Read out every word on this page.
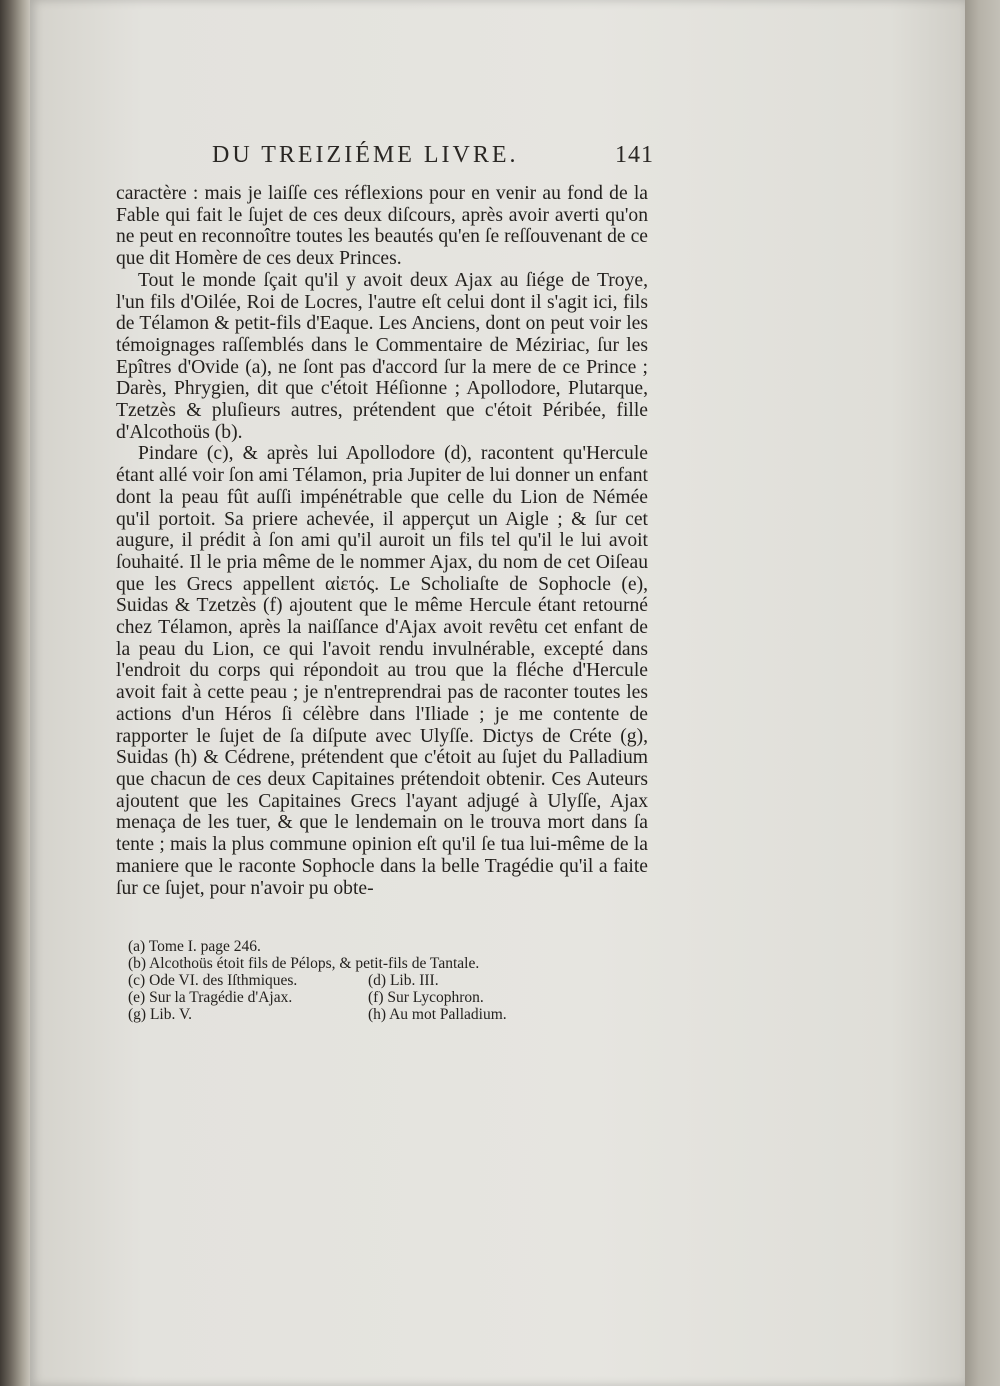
DU TREIZIÉME LIVRE.	141

caractère : mais je laiſſe ces réflexions pour en venir au fond de la Fable qui fait le ſujet de ces deux diſcours, après avoir averti qu'on ne peut en reconnoître toutes les beautés qu'en ſe reſſouvenant de ce que dit Homère de ces deux Princes.

Tout le monde ſçait qu'il y avoit deux Ajax au ſiége de Troye, l'un fils d'Oilée, Roi de Locres, l'autre eſt celui dont il s'agit ici, fils de Télamon & petit-fils d'Eaque. Les Anciens, dont on peut voir les témoignages raſſemblés dans le Commentaire de Méziriac, ſur les Epîtres d'Ovide (a), ne ſont pas d'accord ſur la mere de ce Prince ; Darès, Phrygien, dit que c'étoit Héſionne ; Apollodore, Plutarque, Tzetzès & pluſieurs autres, prétendent que c'étoit Péribée, fille d'Alcothoüs (b).

Pindare (c), & après lui Apollodore (d), racontent qu'Hercule étant allé voir ſon ami Télamon, pria Jupiter de lui donner un enfant dont la peau fût auſſi impénétrable que celle du Lion de Némée qu'il portoit. Sa priere achevée, il apperçut un Aigle ; & ſur cet augure, il prédit à ſon ami qu'il auroit un fils tel qu'il le lui avoit ſouhaité. Il le pria même de le nommer Ajax, du nom de cet Oiſeau que les Grecs appellent αἰετός. Le Scholiaſte de Sophocle (e), Suidas & Tzetzès (f) ajoutent que le même Hercule étant retourné chez Télamon, après la naiſſance d'Ajax avoit revêtu cet enfant de la peau du Lion, ce qui l'avoit rendu invulnérable, excepté dans l'endroit du corps qui répondoit au trou que la fléche d'Hercule avoit fait à cette peau ; je n'entreprendrai pas de raconter toutes les actions d'un Héros ſi célèbre dans l'Iliade ; je me contente de rapporter le ſujet de ſa diſpute avec Ulyſſe. Dictys de Créte (g), Suidas (h) & Cédrene, prétendent que c'étoit au ſujet du Palladium que chacun de ces deux Capitaines prétendoit obtenir. Ces Auteurs ajoutent que les Capitaines Grecs l'ayant adjugé à Ulyſſe, Ajax menaça de les tuer, & que le lendemain on le trouva mort dans ſa tente ; mais la plus commune opinion eſt qu'il ſe tua lui-même de la maniere que le raconte Sophocle dans la belle Tragédie qu'il a faite ſur ce ſujet, pour n'avoir pu obte-

(a) Tome I. page 246.
(b) Alcothoüs étoit fils de Pélops, & petit-fils de Tantale.
(c) Ode VI. des Iſthmiques.	(d) Lib. III.
(e) Sur la Tragédie d'Ajax.	(f) Sur Lycophron.
(g) Lib. V.	(h) Au mot Palladium.
